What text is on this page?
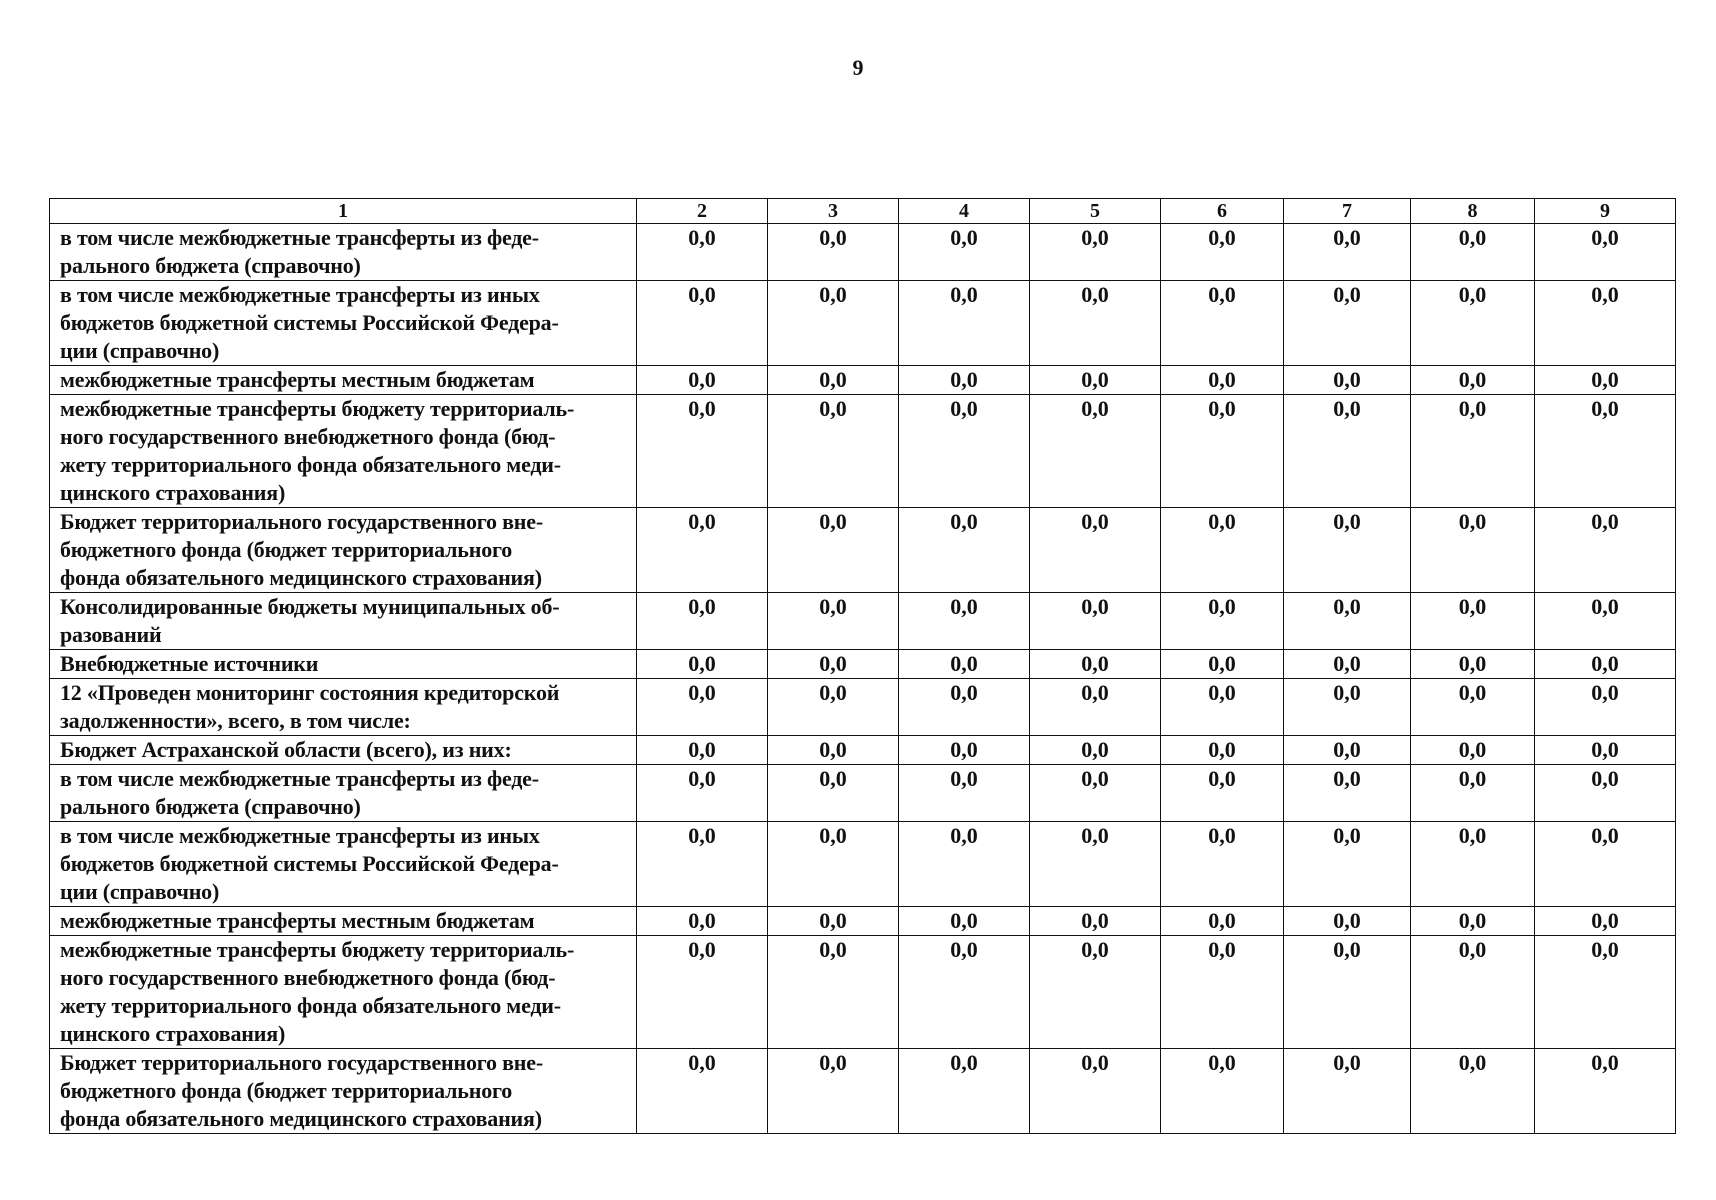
9
1	2	3	4	5	6	7	8	9

в том числе межбюджетные трансферты из феде-
рального бюджета (справочно)	0,0	0,0	0,0	0,0	0,0	0,0	0,0	0,0

в том числе межбюджетные трансферты из иных
бюджетов бюджетной системы Российской Федера-
ции (справочно)	0,0	0,0	0,0	0,0	0,0	0,0	0,0	0,0

межбюджетные трансферты местным бюджетам	0,0	0,0	0,0	0,0	0,0	0,0	0,0	0,0

межбюджетные трансферты бюджету территориаль-
ного государственного внебюджетного фонда (бюд-
жету территориального фонда обязательного меди-
цинского страхования)	0,0	0,0	0,0	0,0	0,0	0,0	0,0	0,0

Бюджет территориального государственного вне-
бюджетного фонда (бюджет территориального
фонда обязательного медицинского страхования)	0,0	0,0	0,0	0,0	0,0	0,0	0,0	0,0

Консолидированные бюджеты муниципальных об-
разований	0,0	0,0	0,0	0,0	0,0	0,0	0,0	0,0

Внебюджетные источники	0,0	0,0	0,0	0,0	0,0	0,0	0,0	0,0

12 «Проведен мониторинг состояния кредиторской
задолженности», всего, в том числе:	0,0	0,0	0,0	0,0	0,0	0,0	0,0	0,0

Бюджет Астраханской области (всего), из них:	0,0	0,0	0,0	0,0	0,0	0,0	0,0	0,0

в том числе межбюджетные трансферты из феде-
рального бюджета (справочно)	0,0	0,0	0,0	0,0	0,0	0,0	0,0	0,0

в том числе межбюджетные трансферты из иных
бюджетов бюджетной системы Российской Федера-
ции (справочно)	0,0	0,0	0,0	0,0	0,0	0,0	0,0	0,0

межбюджетные трансферты местным бюджетам	0,0	0,0	0,0	0,0	0,0	0,0	0,0	0,0

межбюджетные трансферты бюджету территориаль-
ного государственного внебюджетного фонда (бюд-
жету территориального фонда обязательного меди-
цинского страхования)	0,0	0,0	0,0	0,0	0,0	0,0	0,0	0,0

Бюджет территориального государственного вне-
бюджетного фонда (бюджет территориального
фонда обязательного медицинского страхования)	0,0	0,0	0,0	0,0	0,0	0,0	0,0	0,0
